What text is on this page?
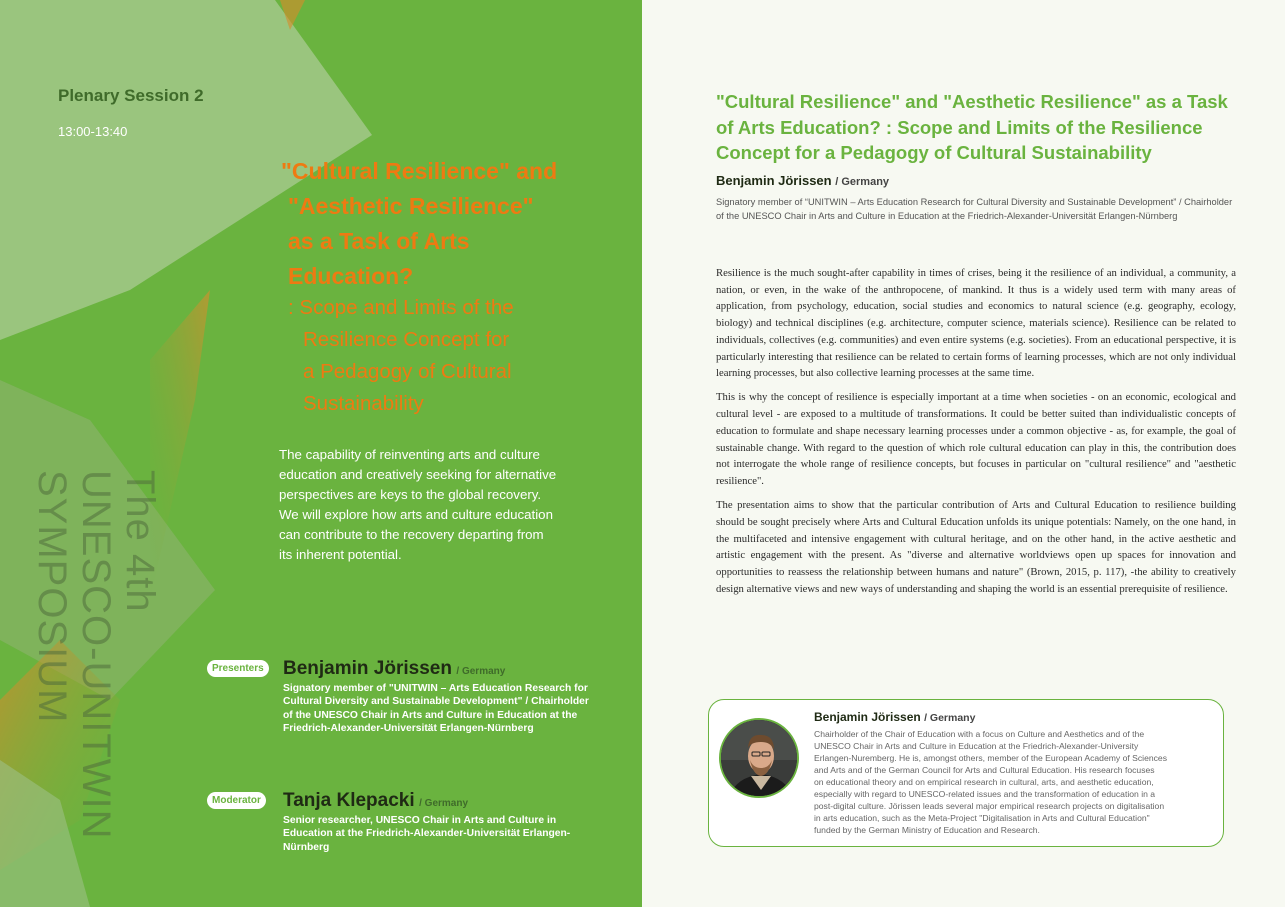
Plenary Session 2
13:00-13:40
"Cultural Resilience" and
"Aesthetic Resilience"
as a Task of Arts
Education?
: Scope and Limits of the
Resilience Concept for
a Pedagogy of Cultural
Sustainability
The capability of reinventing arts and culture
education and creatively seeking for alternative
perspectives are keys to the global recovery.
We will explore how arts and culture education
can contribute to the recovery departing from
its inherent potential.
The 4th
UNESCO-UNITWIN
SYMPOSIUM	Presenters Benjamin Jörissen / Germany
Signatory member of "UNITWIN – Arts Education Research for
Cultural Diversity and Sustainable Development" / Chairholder
of the UNESCO Chair in Arts and Culture in Education at the
Friedrich-Alexander-Universität Erlangen-Nürnberg
Moderator Tanja Klepacki / Germany
Senior researcher, UNESCO Chair in Arts and Culture in
Education at the Friedrich-Alexander-Universität Erlangen-
Nürnberg
"Cultural Resilience" and "Aesthetic Resilience" as a Task
of Arts Education? : Scope and Limits of the Resilience
Concept for a Pedagogy of Cultural Sustainability
Benjamin Jörissen / Germany
Signatory member of “UNITWIN – Arts Education Research for Cultural Diversity and Sustainable Development” / Chairholder of the UNESCO Chair in Arts and Culture in Education at the Friedrich-Alexander-Universität Erlangen-Nürnberg

Resilience is the much sought-after capability in times of crises, being it the resilience of an individual, a community, a nation, or even, in the wake of the anthropocene, of mankind. It thus is a widely used term with many areas of application, from psychology, education, social studies and economics to natural science (e.g. geography, ecology, biology) and technical disciplines (e.g. architecture, computer science, materials science). Resilience can be related to individuals, collectives (e.g. communities) and even entire systems (e.g. societies). From an educational perspective, it is particularly interesting that resilience can be related to certain forms of learning processes, which are not only individual learning processes, but also collective learning processes at the same time.

This is why the concept of resilience is especially important at a time when societies - on an economic, ecological and cultural level - are exposed to a multitude of transformations. It could be better suited than individualistic concepts of education to formulate and shape necessary learning processes under a common objective - as, for example, the goal of sustainable change. With regard to the question of which role cultural education can play in this, the contribution does not interrogate the whole range of resilience concepts, but focuses in particular on "cultural resilience" and "aesthetic resilience".

The presentation aims to show that the particular contribution of Arts and Cultural Education to resilience building should be sought precisely where Arts and Cultural Education unfolds its unique potentials: Namely, on the one hand, in the multifaceted and intensive engagement with cultural heritage, and on the other hand, in the active aesthetic and artistic engagement with the present. As "diverse and alternative worldviews open up spaces for innovation and opportunities to reassess the relationship between humans and nature" (Brown, 2015, p. 117), -the ability to creatively design alternative views and new ways of understanding and shaping the world is an essential prerequisite of resilience.

Benjamin Jörissen / Germany
Chairholder of the Chair of Education with a focus on Culture and Aesthetics and of the
UNESCO Chair in Arts and Culture in Education at the Friedrich-Alexander-University
Erlangen-Nuremberg. He is, amongst others, member of the European Academy of Sciences
and Arts and of the German Council for Arts and Cultural Education. His research focuses
on educational theory and on empirical research in cultural, arts, and aesthetic education,
especially with regard to UNESCO-related issues and the transformation of education in a
post-digital culture. Jörissen leads several major empirical research projects on digitalisation
in arts education, such as the Meta-Project "Digitalisation in Arts and Cultural Education"
funded by the German Ministry of Education and Research.
